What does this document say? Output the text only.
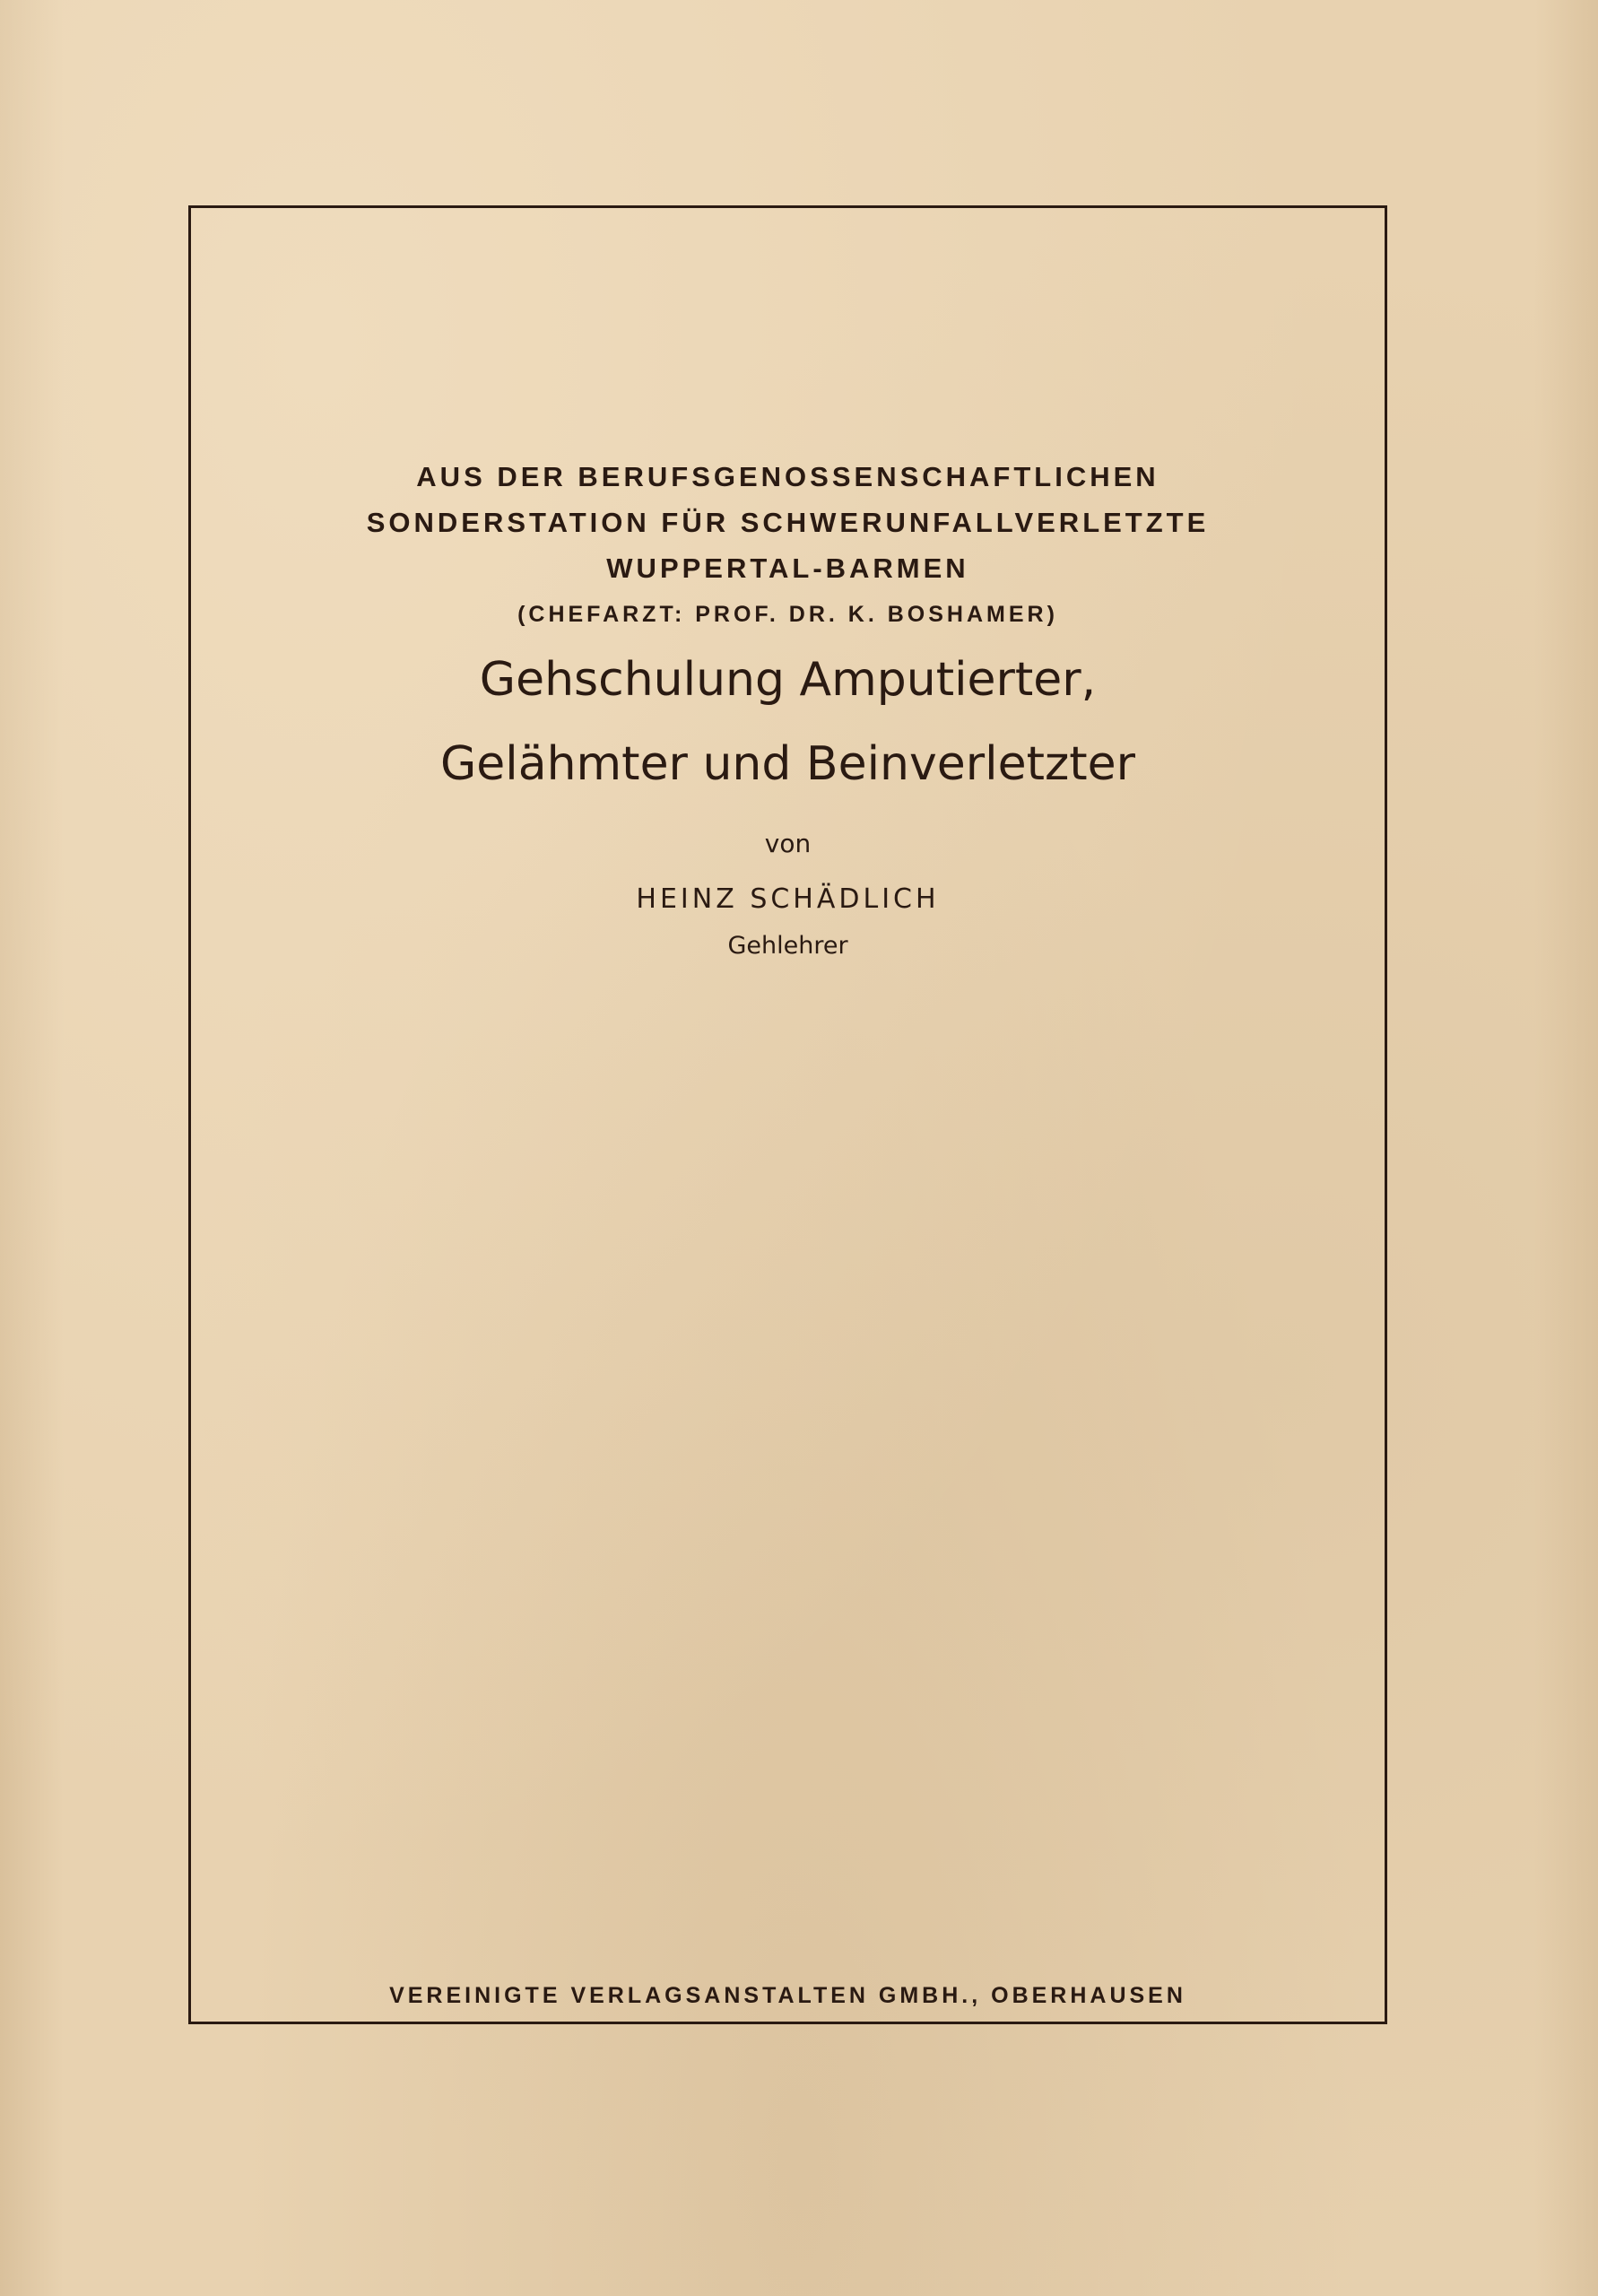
AUS DER BERUFSGENOSSENSCHAFTLICHEN
SONDERSTATION FÜR SCHWERUNFALLVERLETZTE
WUPPERTAL-BARMEN
(CHEFARZT: PROF. DR. K. BOSHAMER)
Gehschulung Amputierter,
Gelähmter und Beinverletzter
von
HEINZ SCHÄDLICH
Gehlehrer
VEREINIGTE VERLAGSANSTALTEN GMBH., OBERHAUSEN
